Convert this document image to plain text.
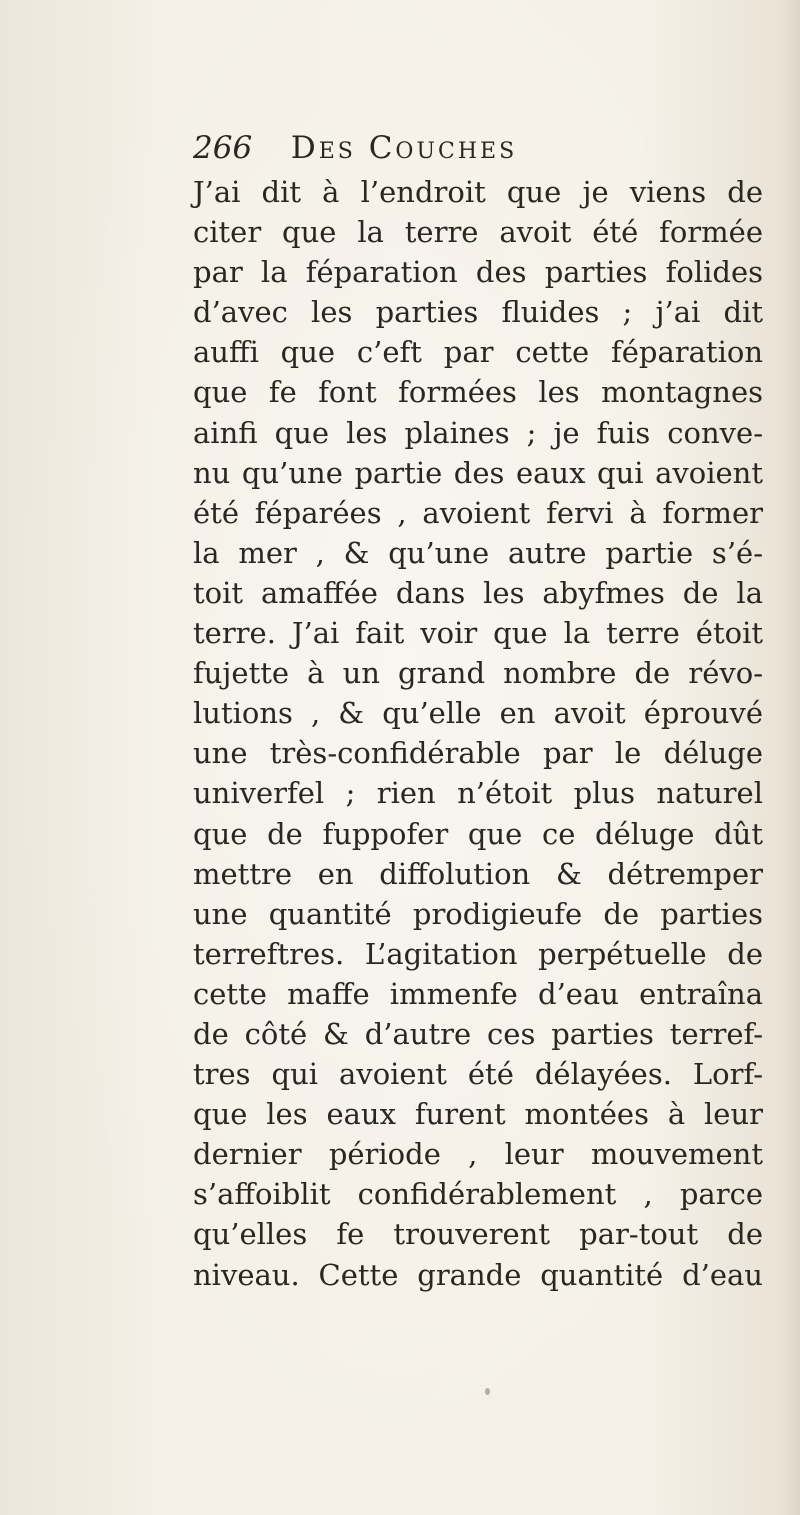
266 Des Couches
J’ai dit à l’endroit que je viens de
citer que la terre avoit été formée
par la féparation des parties folides
d’avec les parties fluides ; j’ai dit
auffi que c’eft par cette féparation
que fe font formées les montagnes
ainfi que les plaines ; je fuis conve-
nu qu’une partie des eaux qui avoient
été féparées , avoient fervi à former
la mer , & qu’une autre partie s’é-
toit amaffée dans les abyfmes de la
terre. J’ai fait voir que la terre étoit
fujette à un grand nombre de révo-
lutions , & qu’elle en avoit éprouvé
une très-confidérable par le déluge
univerfel ; rien n’étoit plus naturel
que de fuppofer que ce déluge dût
mettre en diffolution & détremper
une quantité prodigieufe de parties
terreftres. L’agitation perpétuelle de
cette maffe immenfe d’eau entraîna
de côté & d’autre ces parties terref-
tres qui avoient été délayées. Lorf-
que les eaux furent montées à leur
dernier période , leur mouvement
s’affoiblit confidérablement , parce
qu’elles fe trouverent par-tout de
niveau. Cette grande quantité d’eau
